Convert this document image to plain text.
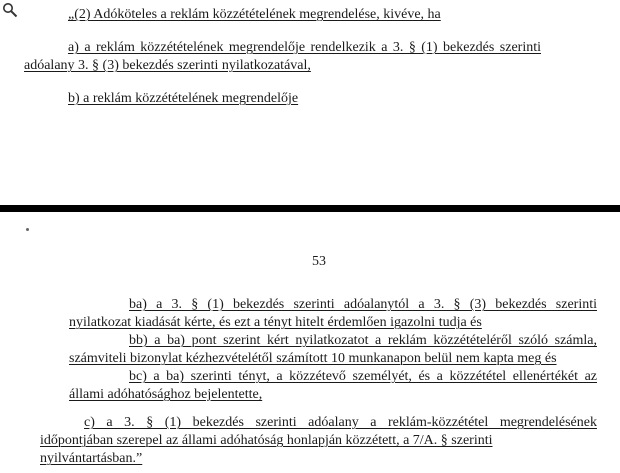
„(2) Adóköteles a reklám közzétételének megrendelése, kivéve, ha
a) a reklám közzétételének megrendelője rendelkezik a 3. § (1) bekezdés szerinti
adóalany 3. § (3) bekezdés szerinti nyilatkozatával,
b) a reklám közzétételének megrendelője
53
ba) a 3. § (1) bekezdés szerinti adóalanytól a 3. § (3) bekezdés szerinti
nyilatkozat kiadását kérte, és ezt a tényt hitelt érdemlően igazolni tudja és
bb) a ba) pont szerint kért nyilatkozatot a reklám közzétételéről szóló számla,
számviteli bizonylat kézhezvételétől számított 10 munkanapon belül nem kapta meg és
bc) a ba) szerinti tényt, a közzétevő személyét, és a közzététel ellenértékét az
állami adóhatósághoz bejelentette,
c) a 3. § (1) bekezdés szerinti adóalany a reklám-közzététel megrendelésének
időpontjában szerepel az állami adóhatóság honlapján közzétett, a 7/A. § szerinti
nyilvántartásban.”
